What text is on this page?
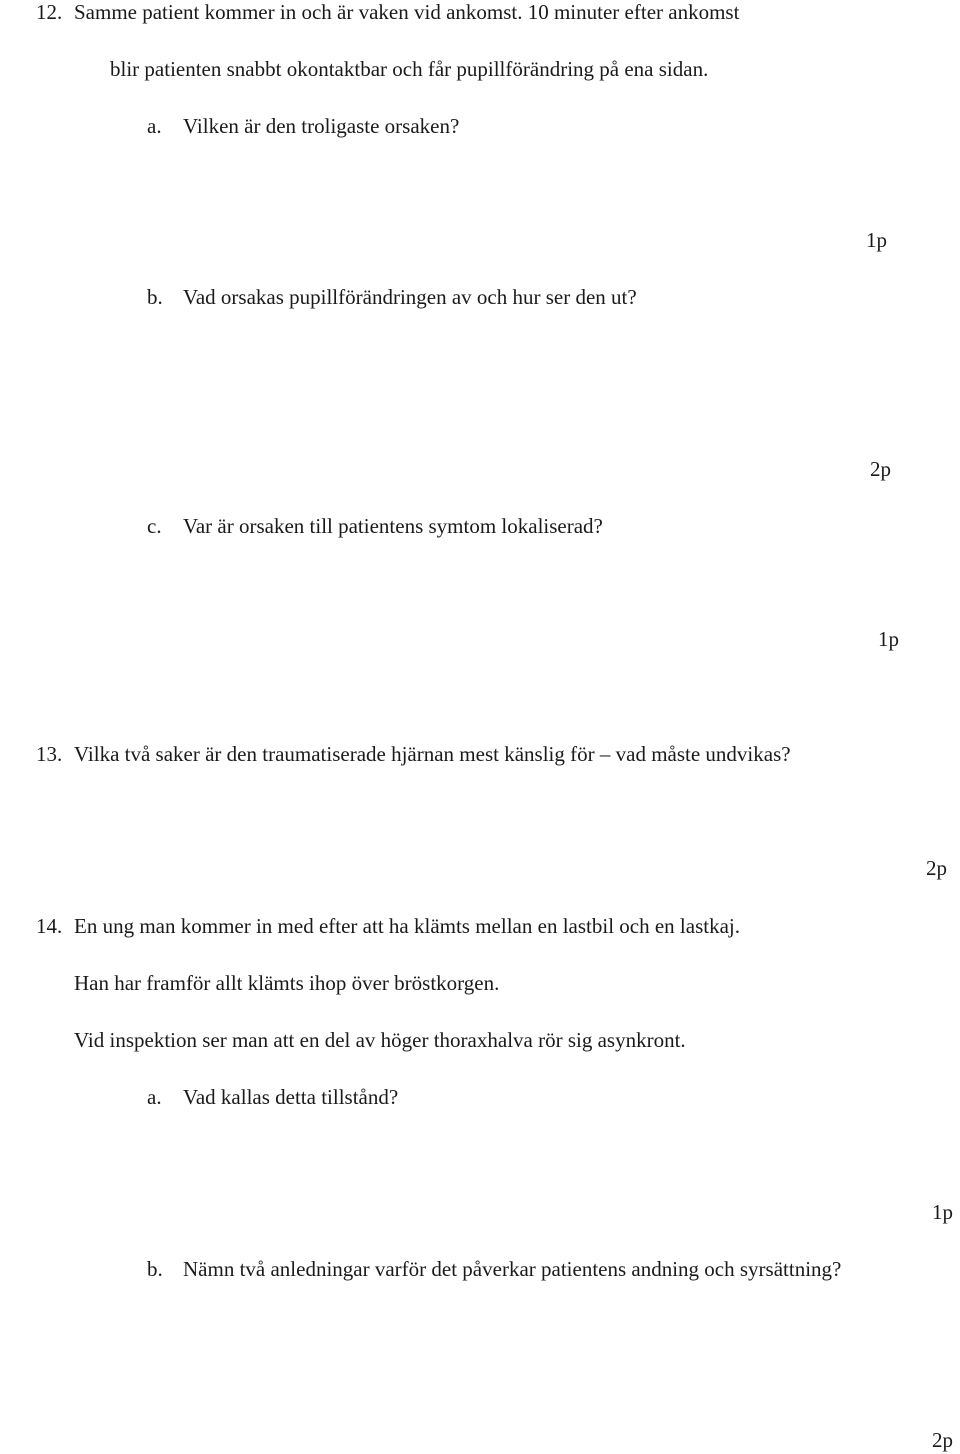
12. Samme patient kommer in och är vaken vid ankomst. 10 minuter efter ankomst
blir patienten snabbt okontaktbar och får pupillförändring på ena sidan.
a. Vilken är den troligaste orsaken?
1p
b. Vad orsakas pupillförändringen av och hur ser den ut?
2p
c. Var är orsaken till patientens symtom lokaliserad?
1p
13. Vilka två saker är den traumatiserade hjärnan mest känslig för – vad måste undvikas?
2p
14. En ung man kommer in med efter att ha klämts mellan en lastbil och en lastkaj.
Han har framför allt klämts ihop över bröstkorgen.
Vid inspektion ser man att en del av höger thoraxhalva rör sig asynkront.
a. Vad kallas detta tillstånd?
1p
b. Nämn två anledningar varför det påverkar patientens andning och syrsättning?
2p
